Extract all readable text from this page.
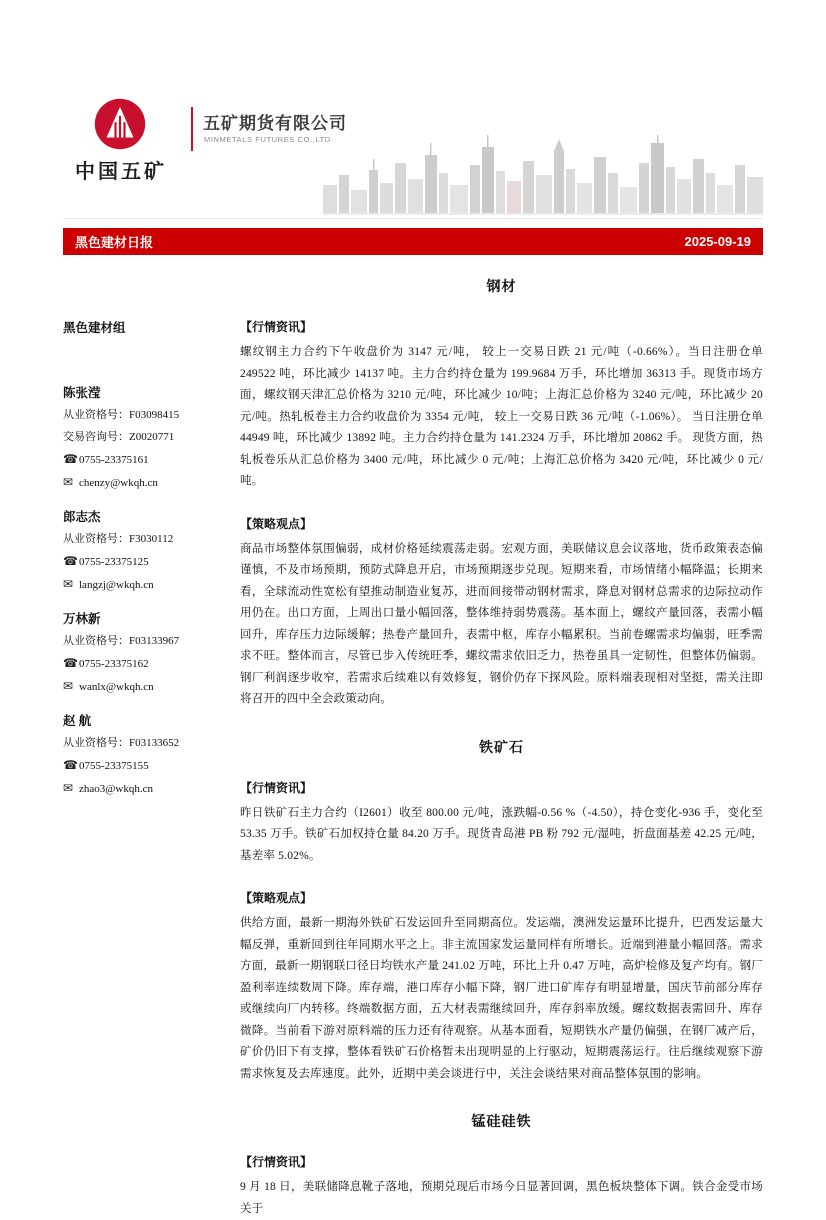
中国五矿
五矿期货有限公司
MINMETALS FUTURES CO.,LTD
黑色建材日报	2025-09-19
黑色建材组
陈张滢
从业资格号：F03098415
交易咨询号：Z0020771
☎0755-23375161
✉ chenzy@wkqh.cn
郎志杰
从业资格号：F3030112
☎0755-23375125
✉ langzj@wkqh.cn
万林新
从业资格号：F03133967
☎0755-23375162
✉ wanlx@wkqh.cn
赵 航
从业资格号：F03133652
☎0755-23375155
✉ zhao3@wkqh.cn
钢材
【行情资讯】

螺纹钢主力合约下午收盘价为 3147 元/吨， 较上一交易日跌 21 元/吨（-0.66%）。当日注册仓单 249522 吨，环比减少 14137 吨。主力合约持仓量为 199.9684 万手，环比增加 36313 手。现货市场方面，螺纹钢天津汇总价格为 3210 元/吨，环比减少 10/吨；上海汇总价格为 3240 元/吨，环比减少 20 元/吨。热轧板卷主力合约收盘价为 3354 元/吨， 较上一交易日跌 36 元/吨（-1.06%）。 当日注册仓单 44949 吨，环比减少 13892 吨。主力合约持仓量为 141.2324 万手，环比增加 20862 手。 现货方面，热轧板卷乐从汇总价格为 3400 元/吨，环比减少 0 元/吨；上海汇总价格为 3420 元/吨，环比减少 0 元/吨。

【策略观点】

商品市场整体氛围偏弱，成材价格延续震荡走弱。宏观方面，美联储议息会议落地，货币政策表态偏谨慎，不及市场预期，预防式降息开启，市场预期逐步兑现。短期来看，市场情绪小幅降温；长期来看，全球流动性宽松有望推动制造业复苏，进而间接带动钢材需求，降息对钢材总需求的边际拉动作用仍在。出口方面，上周出口量小幅回落，整体维持弱势震荡。基本面上，螺纹产量回落，表需小幅回升，库存压力边际缓解；热卷产量回升，表需中枢，库存小幅累积。当前卷螺需求均偏弱，旺季需求不旺。整体而言，尽管已步入传统旺季，螺纹需求依旧乏力，热卷虽具一定韧性，但整体仍偏弱。钢厂利润逐步收窄，若需求后续难以有效修复，钢价仍存下探风险。原料端表现相对坚挺，需关注即将召开的四中全会政策动向。

铁矿石
【行情资讯】

昨日铁矿石主力合约（I2601）收至 800.00 元/吨，涨跌幅-0.56 %（-4.50），持仓变化-936 手，变化至 53.35 万手。铁矿石加权持仓量 84.20 万手。现货青岛港 PB 粉 792 元/湿吨，折盘面基差 42.25 元/吨，基差率 5.02%。

【策略观点】

供给方面，最新一期海外铁矿石发运回升至同期高位。发运端，澳洲发运量环比提升，巴西发运量大幅反弹，重新回到往年同期水平之上。非主流国家发运量同样有所增长。近端到港量小幅回落。需求方面，最新一期钢联口径日均铁水产量 241.02 万吨，环比上升 0.47 万吨，高炉检修及复产均有。钢厂盈利率连续数周下降。库存端，港口库存小幅下降，钢厂进口矿库存有明显增量，国庆节前部分库存或继续向厂内转移。终端数据方面，五大材表需继续回升，库存斜率放缓。螺纹数据表需回升、库存微降。当前看下游对原料端的压力还有待观察。从基本面看，短期铁水产量仍偏强，在钢厂减产后，矿价仍旧下有支撑，整体看铁矿石价格暂未出现明显的上行驱动，短期震荡运行。往后继续观察下游需求恢复及去库速度。此外，近期中美会谈进行中，关注会谈结果对商品整体氛围的影响。

锰硅硅铁
【行情资讯】

9 月 18 日，美联储降息靴子落地，预期兑现后市场今日显著回调，黑色板块整体下调。铁合金受市场关于
